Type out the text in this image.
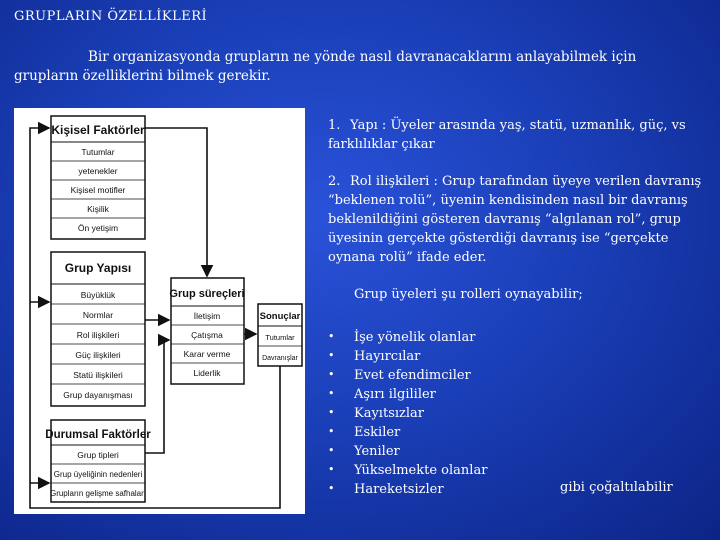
GRUPLARIN ÖZELLİKLERİ
Bir organizasyonda grupların ne yönde nasıl davranacaklarını anlayabilmek için grupların özelliklerini bilmek gerekir.
Kişisel Faktörler
Tutumlar
yetenekler
Kişisel motifler
Kişilik
Ön yetişim
Grup Yapısı
Büyüklük
Normlar
Rol ilişkileri
Güç ilişkileri
Statü ilişkileri
Grup dayanışması
Durumsal Faktörler
Grup tipleri
Grup üyeliğinin nedenleri
Grupların gelişme safhaları
Grup süreçleri
İletişim
Çatışma
Karar verme
Liderlik
Sonuçlar
Tutumlar
Davranışlar

1. Yapı : Üyeler arasında yaş, statü, uzmanlık, güç, vs farklılıklar çıkar

2. Rol ilişkileri : Grup tarafından üyeye verilen davranış “beklenen rolü”, üyenin kendisinden nasıl bir davranış beklenildiğini gösteren davranış “algılanan rol”, grup üyesinin gerçekte gösterdiği davranış ise “gerçekte oynana rolü” ifade eder.

Grup üyeleri şu rolleri oynayabilir;
• İşe yönelik olanlar
• Hayırcılar
• Evet efendimciler
• Aşırı ilgililer
• Kayıtsızlar
• Eskiler
• Yeniler
• Yükselmekte olanlar
• Hareketsizler	gibi çoğaltılabilir
